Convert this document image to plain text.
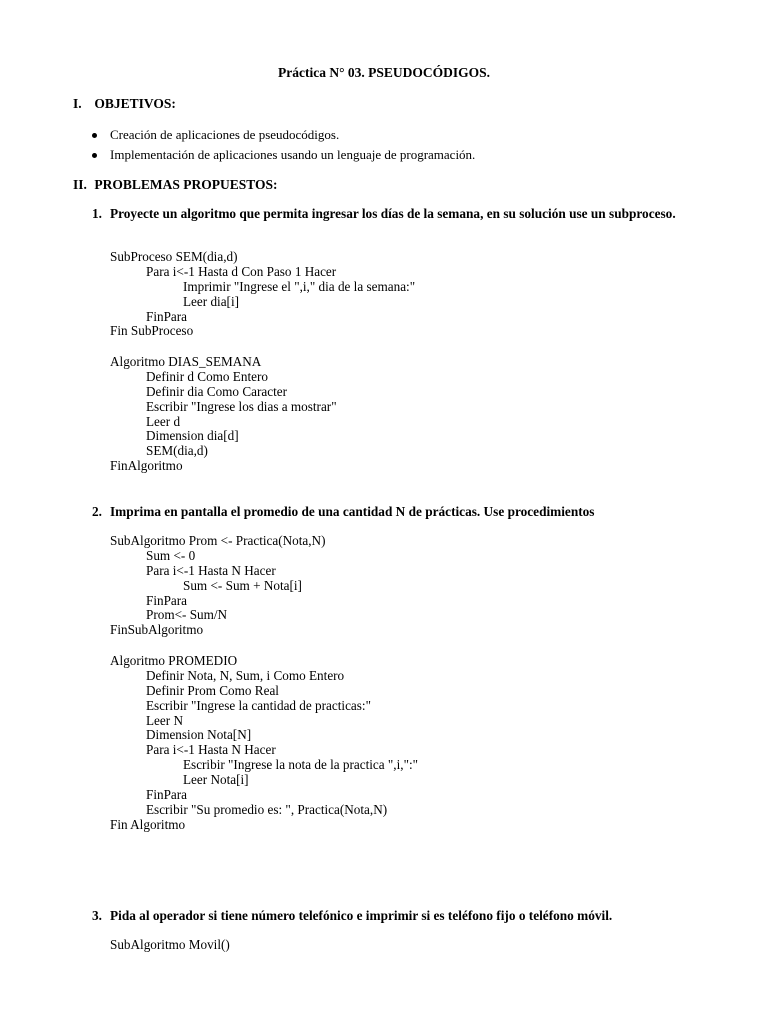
Práctica N° 03. PSEUDOCÓDIGOS.
I. OBJETIVOS:
Creación de aplicaciones de pseudocódigos.
Implementación de aplicaciones usando un lenguaje de programación.
II. PROBLEMAS PROPUESTOS:
1. Proyecte un algoritmo que permita ingresar los días de la semana, en su solución use un subproceso.
SubProceso SEM(dia,d)
Para i<-1 Hasta d Con Paso 1 Hacer
Imprimir "Ingrese el ",i," dia de la semana:"
Leer dia[i]
FinPara
Fin SubProceso
Algoritmo DIAS_SEMANA
Definir d Como Entero
Definir dia Como Caracter
Escribir "Ingrese los dias a mostrar"
Leer d
Dimension dia[d]
SEM(dia,d)
FinAlgoritmo
2. Imprima en pantalla el promedio de una cantidad N de prácticas. Use procedimientos
SubAlgoritmo Prom <- Practica(Nota,N)
Sum <- 0
Para i<-1 Hasta N Hacer
Sum <- Sum + Nota[i]
FinPara
Prom<- Sum/N
FinSubAlgoritmo
Algoritmo PROMEDIO
Definir Nota, N, Sum, i Como Entero
Definir Prom Como Real
Escribir "Ingrese la cantidad de practicas:"
Leer N
Dimension Nota[N]
Para i<-1 Hasta N Hacer
Escribir "Ingrese la nota de la practica ",i,":"
Leer Nota[i]
FinPara
Escribir "Su promedio es: ", Practica(Nota,N)
Fin Algoritmo
3. Pida al operador si tiene número telefónico e imprimir si es teléfono fijo o teléfono móvil.
SubAlgoritmo Movil()
